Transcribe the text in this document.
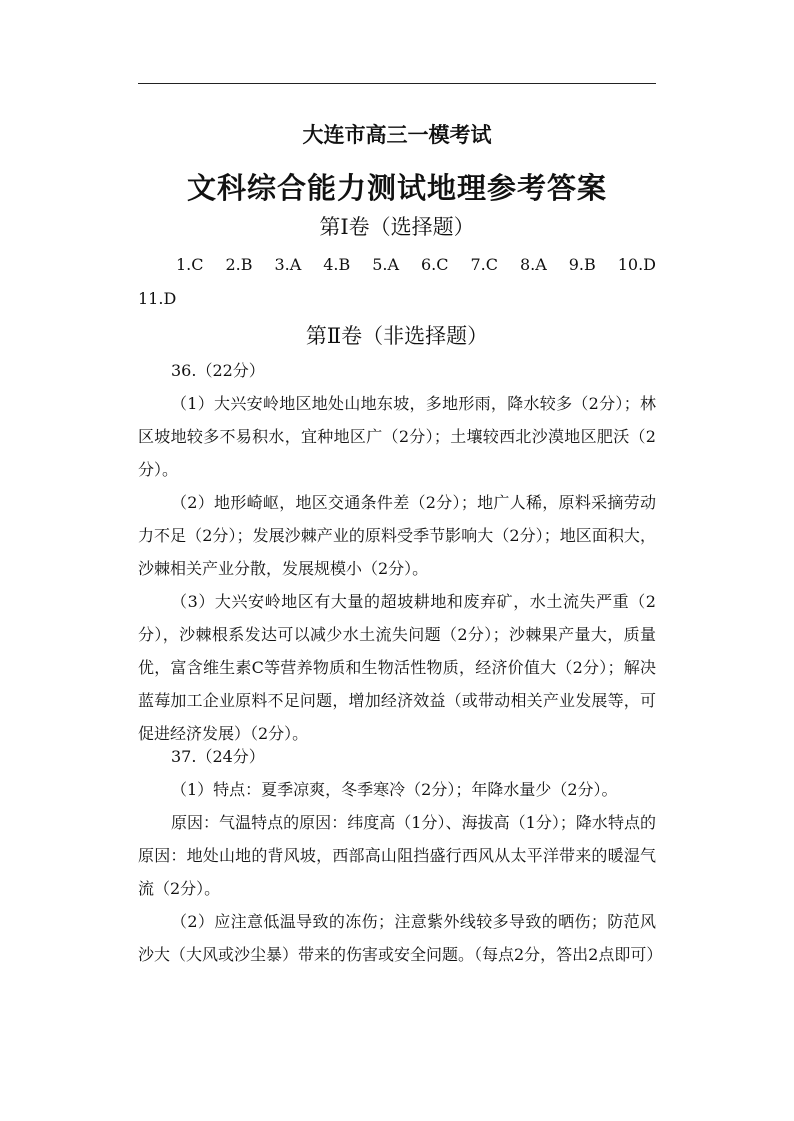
大连市高三一模考试
文科综合能力测试地理参考答案
第Ⅰ卷（选择题）
1.C　2.B　3.A　4.B　5.A　6.C　7.C　8.A　9.B　10.D　11.D
第Ⅱ卷（非选择题）

36.（22分）

（1）大兴安岭地区地处山地东坡，多地形雨，降水较多（2分）；林区坡地较多不易积水，宜种地区广（2分）；土壤较西北沙漠地区肥沃（2分）。

（2）地形崎岖，地区交通条件差（2分）；地广人稀，原料采摘劳动力不足（2分）；发展沙棘产业的原料受季节影响大（2分）；地区面积大，沙棘相关产业分散，发展规模小（2分）。

（3）大兴安岭地区有大量的超坡耕地和废弃矿，水土流失严重（2分），沙棘根系发达可以减少水土流失问题（2分）；沙棘果产量大，质量优，富含维生素C等营养物质和生物活性物质，经济价值大（2分）；解决蓝莓加工企业原料不足问题，增加经济效益（或带动相关产业发展等，可促进经济发展）（2分）。

37.（24分）

（1）特点：夏季凉爽，冬季寒冷（2分）；年降水量少（2分）。

原因：气温特点的原因：纬度高（1分）、海拔高（1分）；降水特点的原因：地处山地的背风坡，西部高山阻挡盛行西风从太平洋带来的暖湿气流（2分）。

（2）应注意低温导致的冻伤；注意紫外线较多导致的晒伤；防范风沙大（大风或沙尘暴）带来的伤害或安全问题。（每点2分，答出2点即可）
